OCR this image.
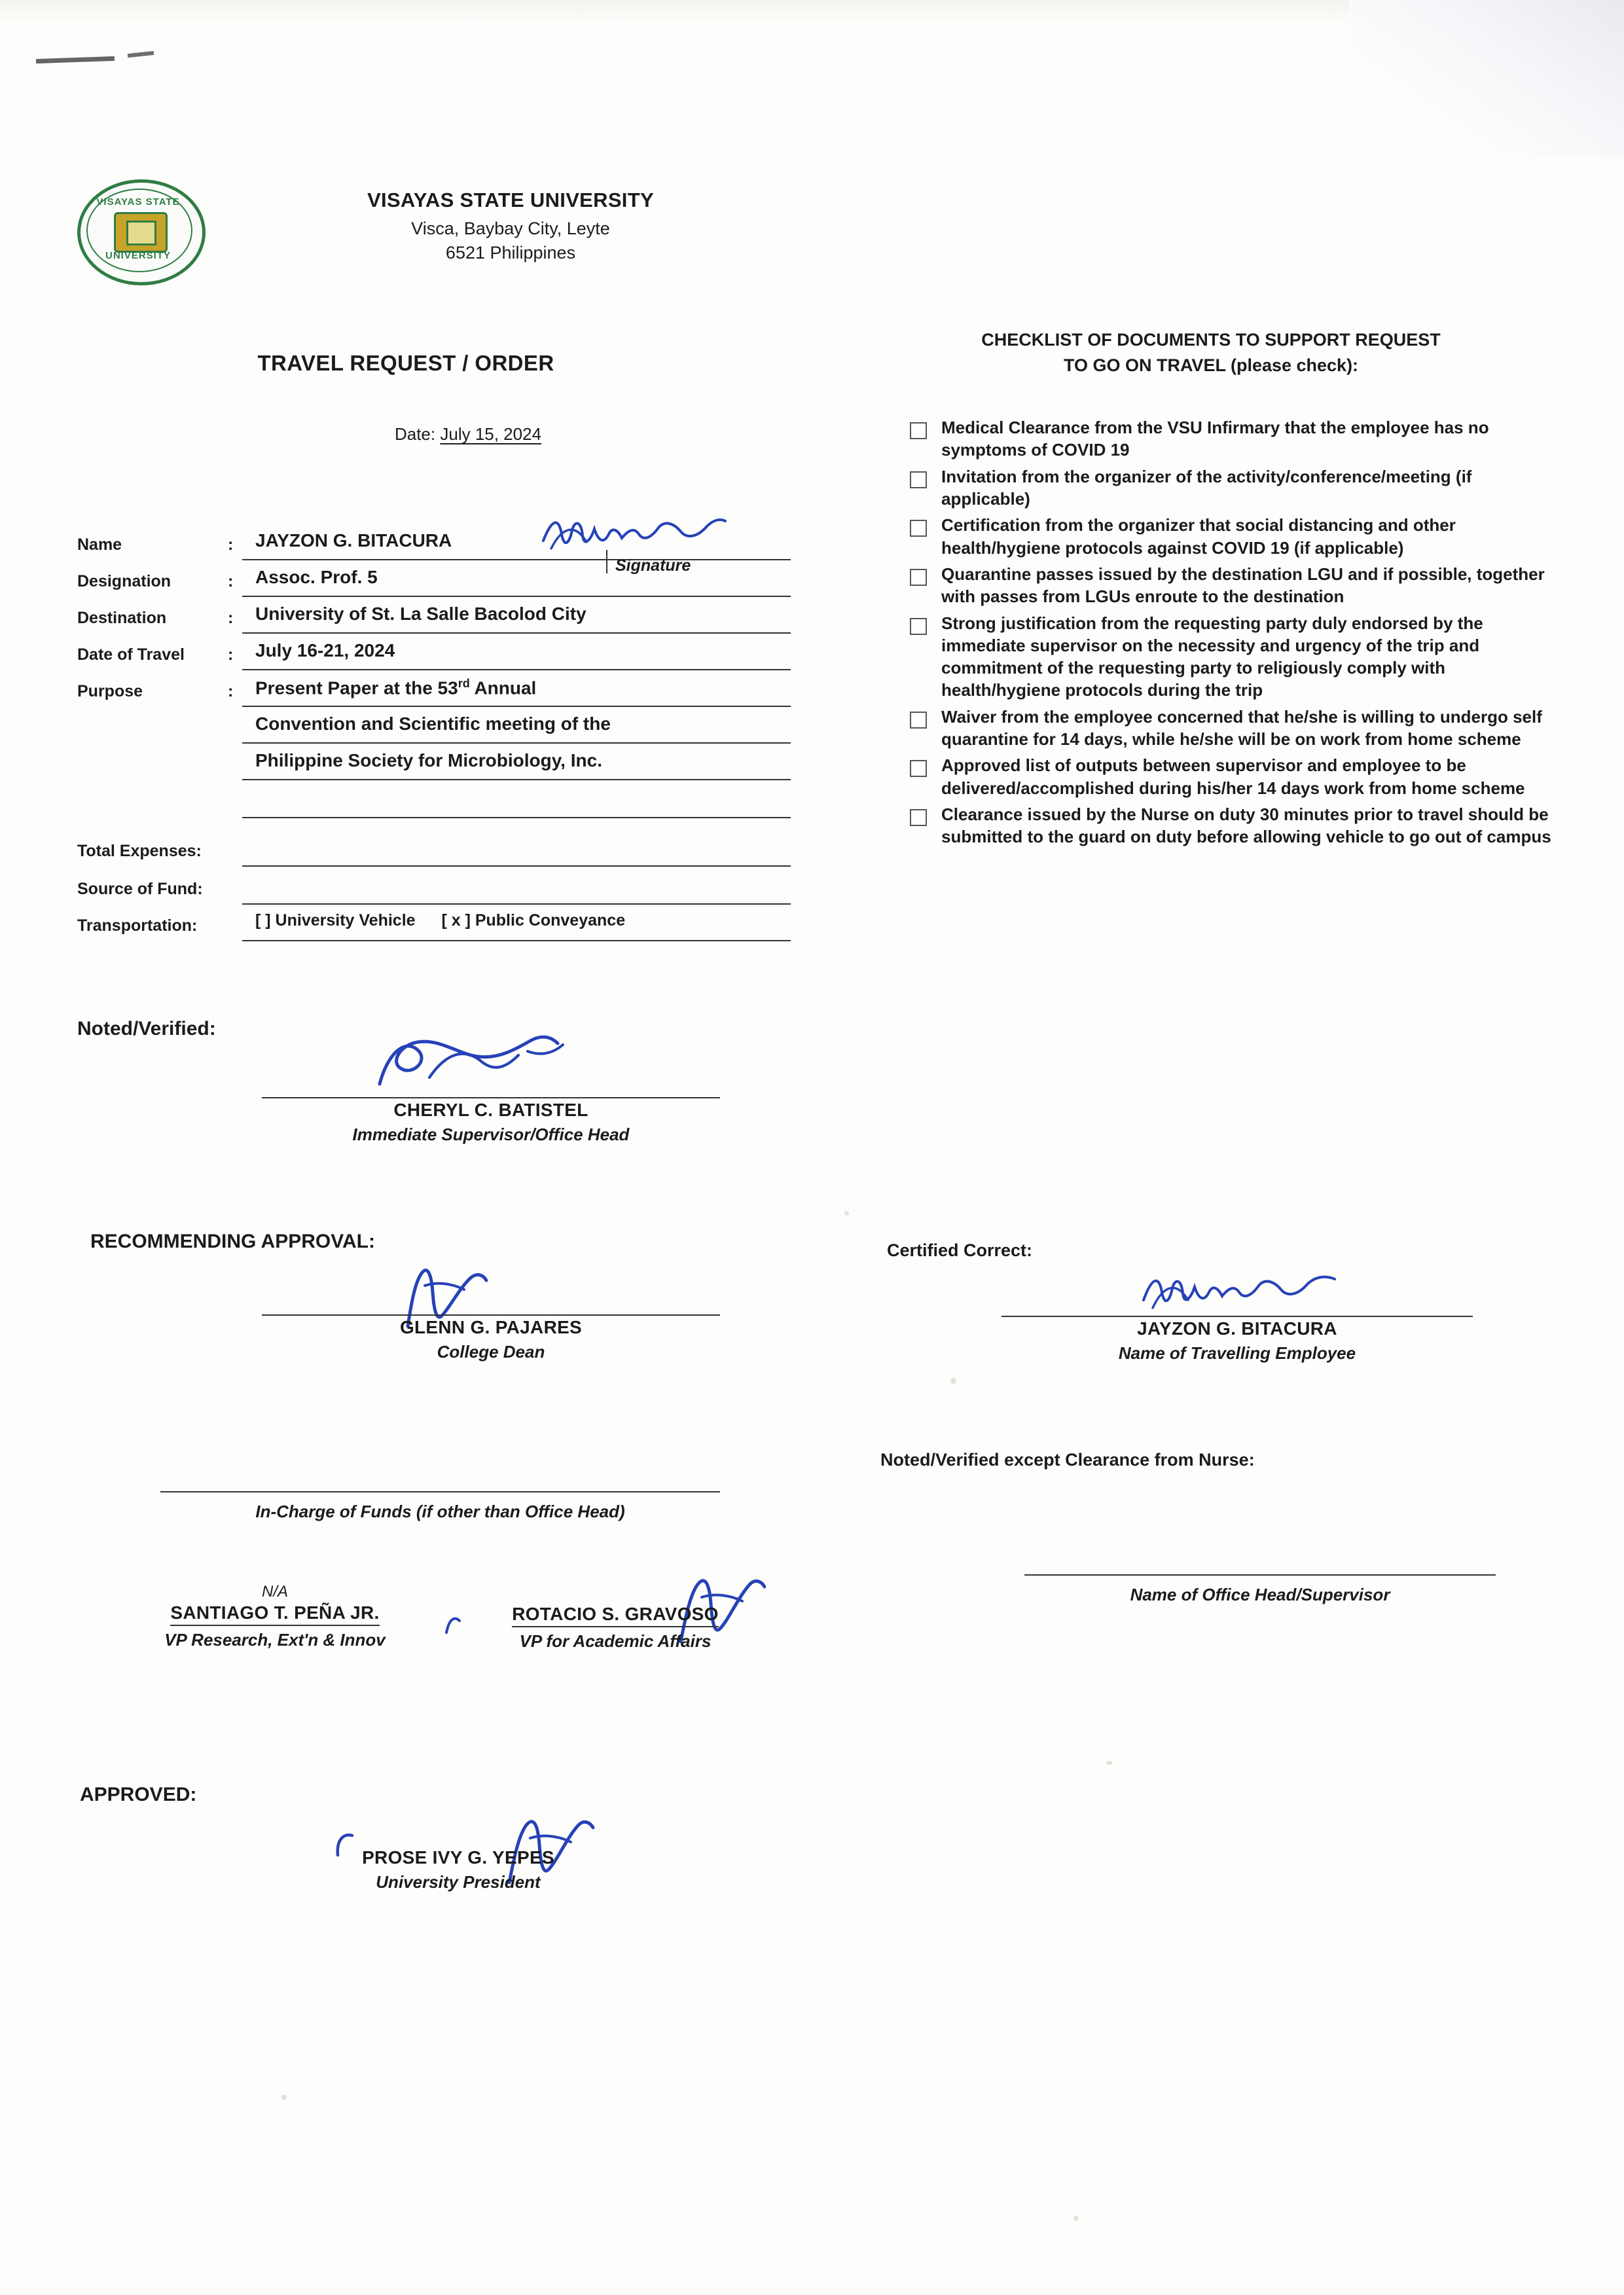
VISAYAS STATE
UNIVERSITY
VISAYAS STATE UNIVERSITY
Visca, Baybay City, Leyte
6521 Philippines
TRAVEL REQUEST / ORDER
Date: July 15, 2024
Name	:	JAYZON G. BITACURA
Signature
Designation	:	Assoc. Prof. 5
Destination	:	University of St. La Salle Bacolod City
Date of Travel	:	July 16-21, 2024
Purpose	:	Present Paper at the 53rd Annual
Convention and Scientific meeting of the
Philippine Society for Microbiology, Inc.
Total Expenses:
Source of Fund:
Transportation:	[ ] University Vehicle [ x ] Public Conveyance
Noted/Verified:
CHERYL C. BATISTEL
Immediate Supervisor/Office Head
RECOMMENDING APPROVAL:
GLENN G. PAJARES
College Dean
In-Charge of Funds (if other than Office Head)
N/A
SANTIAGO T. PEÑA JR.
VP Research, Ext'n & Innov
ROTACIO S. GRAVOSO
VP for Academic Affairs
APPROVED:
PROSE IVY G. YEPES
University President
CHECKLIST OF DOCUMENTS TO SUPPORT REQUEST
TO GO ON TRAVEL (please check):
Medical Clearance from the VSU Infirmary that the employee has no symptoms of COVID 19
Invitation from the organizer of the activity/conference/meeting (if applicable)
Certification from the organizer that social distancing and other health/hygiene protocols against COVID 19 (if applicable)
Quarantine passes issued by the destination LGU and if possible, together with passes from LGUs enroute to the destination
Strong justification from the requesting party duly endorsed by the immediate supervisor on the necessity and urgency of the trip and commitment of the requesting party to religiously comply with health/hygiene protocols during the trip
Waiver from the employee concerned that he/she is willing to undergo self quarantine for 14 days, while he/she will be on work from home scheme
Approved list of outputs between supervisor and employee to be delivered/accomplished during his/her 14 days work from home scheme
Clearance issued by the Nurse on duty 30 minutes prior to travel should be submitted to the guard on duty before allowing vehicle to go out of campus
Certified Correct:
JAYZON G. BITACURA
Name of Travelling Employee
Noted/Verified except Clearance from Nurse:
Name of Office Head/Supervisor
